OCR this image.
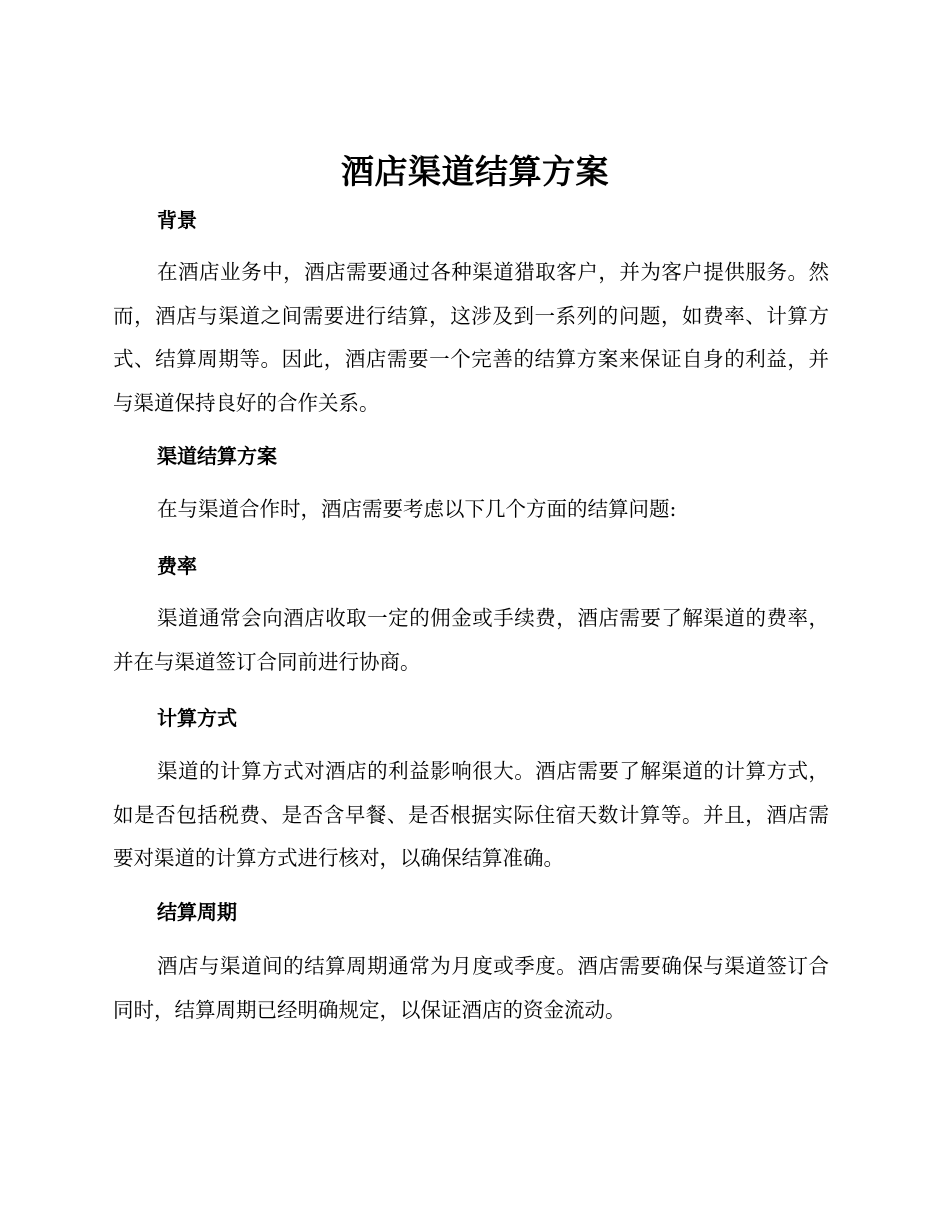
酒店渠道结算方案
背景

在酒店业务中，酒店需要通过各种渠道猎取客户，并为客户提供服务。然而，酒店与渠道之间需要进行结算，这涉及到一系列的问题，如费率、计算方式、结算周期等。因此，酒店需要一个完善的结算方案来保证自身的利益，并与渠道保持良好的合作关系。

渠道结算方案

在与渠道合作时，酒店需要考虑以下几个方面的结算问题:

费率

渠道通常会向酒店收取一定的佣金或手续费，酒店需要了解渠道的费率，并在与渠道签订合同前进行协商。

计算方式

渠道的计算方式对酒店的利益影响很大。酒店需要了解渠道的计算方式，如是否包括税费、是否含早餐、是否根据实际住宿天数计算等。并且，酒店需要对渠道的计算方式进行核对，以确保结算准确。

结算周期

酒店与渠道间的结算周期通常为月度或季度。酒店需要确保与渠道签订合同时，结算周期已经明确规定，以保证酒店的资金流动。
